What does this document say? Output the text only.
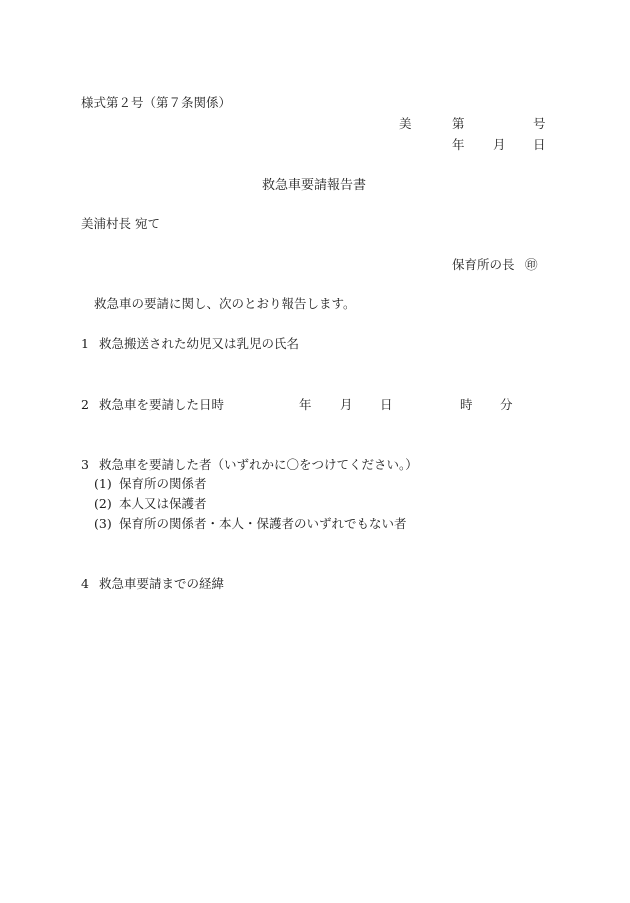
様式第２号（第７条関係）
美	第	号
年 月 日
救急車要請報告書
美浦村長 宛て
保育所の長 ㊞
救急車の要請に関し、次のとおり報告します。
1 救急搬送された幼児又は乳児の氏名
2 救急車を要請した日時	年 月 日	時 分
3 救急車を要請した者（いずれかに〇をつけてください。）
(1) 保育所の関係者
(2) 本人又は保護者
(3) 保育所の関係者・本人・保護者のいずれでもない者
4 救急車要請までの経緯
